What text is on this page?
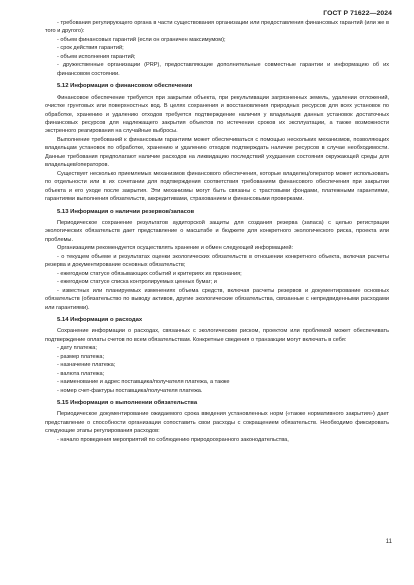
ГОСТ Р 71622—2024

- требования регулирующего органа в части существования организации или предоставления финансовых гарантий (или же в того и другого):

- объем финансовых гарантий (если он ограничен максимумом);

- срок действия гарантий;

- объем исполнения гарантий;

- дружественные организации (PRP), предоставляющие дополнительные совместные гарантии и информацию об их финансовом состоянии.

5.12 Информация о финансовом обеспечении

Финансовое обеспечение требуется при закрытии объекта, при рекультивации загрязненных земель, удалении отложений, очистке грунтовых или поверхностных вод. В целях сохранения и восстановления природных ресурсов для всех установок по обработке, хранению и удалению отходов требуется подтверждение наличия у владельцев данных установок достаточных финансовых ресурсов для надлежащего закрытия объектов по истечении сроков их эксплуатации, а также возможности экстренного реагирования на случайные выбросы.

Выполнение требований к финансовым гарантиям может обеспечиваться с помощью нескольких механизмов, позволяющих владельцам установок по обработке, хранению и удалению отходов подтверждать наличие ресурсов в случае необходимости. Данные требования предполагают наличие расходов на ликвидацию последствий ухудшения состояния окружающей среды для владельцев/операторов.

Существует несколько приемлемых механизмов финансового обеспечения, которые владелец/оператор может использовать по отдельности или в их сочетании для подтверждения соответствия требованиям финансового обеспечения при закрытии объекта и его уходе после закрытия. Эти механизмы могут быть связаны с трастовыми фондами, платежными гарантиями, гарантиями выполнения обязательств, аккредитивами, страхованием и финансовыми проверками.

5.13 Информация о наличии резервов/запасов

Периодическое сохранение результатов аудиторской защиты для создания резерва (запаса) с целью регистрации экологических обязательств дает представление о масштабе и бюджете для конкретного экологического риска, проекта или проблемы.

Организациям рекомендуется осуществлять хранение и обмен следующей информацией:

- о текущем объеме и результатах оценки экологических обязательств в отношении конкретного объекта, включая расчеты резерва и документирование основных обязательств;

- ежегодном статусе обязывающих событий и критериях их признания;

- ежегодном статусе списка контролируемых ценных бумаг; и

- известных или планируемых изменениях объема средств, включая расчеты резервов и документирование основных обязательств (обязательство по выводу активов, другие экологические обязательства, связанные с непредвиденными расходами или гарантиями).

5.14 Информация о расходах

Сохранение информации о расходах, связанных с экологическим риском, проектом или проблемой может обеспечивать подтверждение оплаты счетов по всем обязательствам. Конкретные сведения о транзакции могут включать в себя:

- дату платежа;

- размер платежа;

- назначение платежа;

- валюта платежа;

- наименование и адрес поставщика/получателя платежа, а также

- номер счет-фактуры поставщика/получателя платежа.

5.15 Информация о выполнении обязательства

Периодическое документирование ожидаемого срока введения установленных норм («также нормативного закрытия») дает представление о способности организации сопоставить свои расходы с сокращением обязательств. Необходимо фиксировать следующие этапы регулирования расходов:

- начало проведения мероприятий по соблюдению природоохранного законодательства,

11
